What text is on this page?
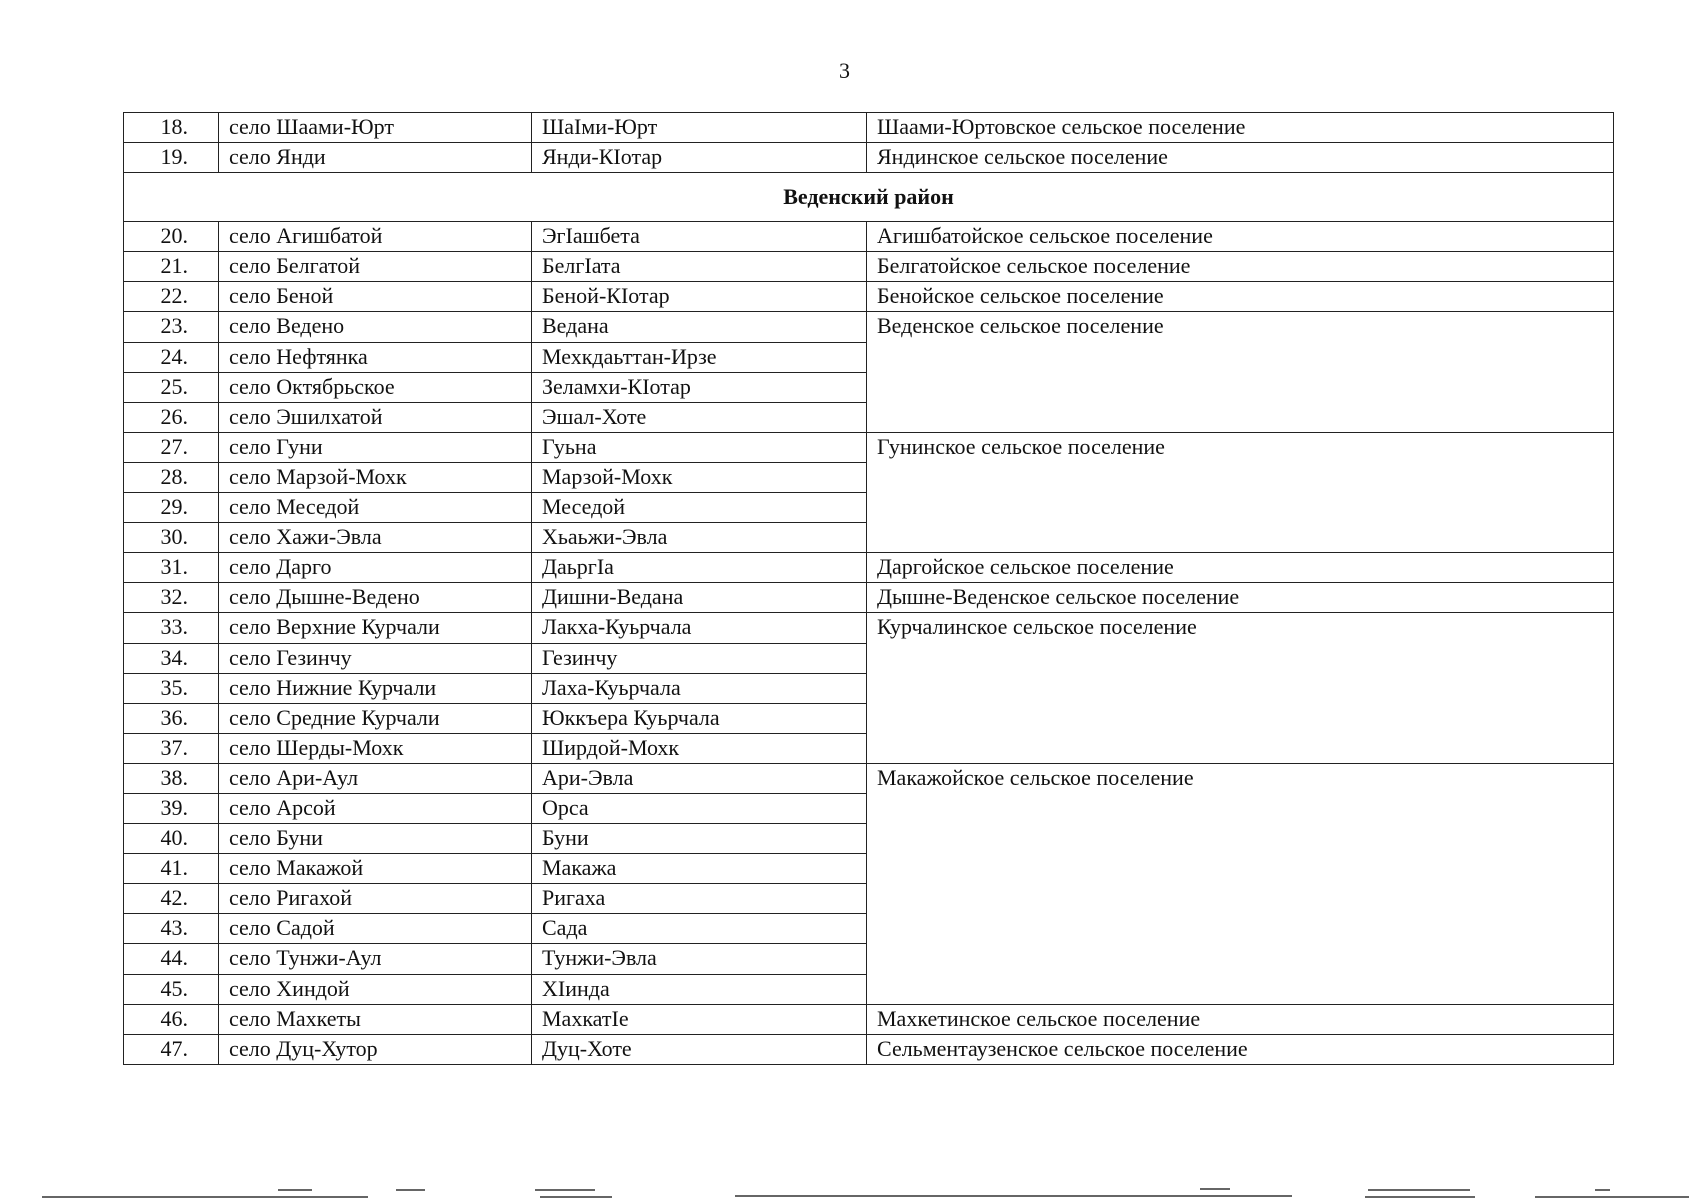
3
18.	село Шаами-Юрт	ШаIми-Юрт	Шаами-Юртовское сельское поселение
19.	село Янди	Янди-КIотар	Яндинское сельское поселение
Веденский район			
20.	село Агишбатой	ЭгIашбета	Агишбатойское сельское поселение
21.	село Белгатой	БелгIата	Белгатойское сельское поселение
22.	село Беной	Беной-КIотар	Бенойское сельское поселение
23.	село Ведено	Ведана	Веденское сельское поселение
24.	село Нефтянка	Мехкдаьттан-Ирзе	
25.	село Октябрьское	Зеламхи-КIотар	
26.	село Эшилхатой	Эшал-Хоте	
27.	село Гуни	Гуьна	Гунинское сельское поселение
28.	село Марзой-Мохк	Марзой-Мохк	
29.	село Меседой	Меседой	
30.	село Хажи-Эвла	Хьаьжи-Эвла	
31.	село Дарго	ДаьргIа	Даргойское сельское поселение
32.	село Дышне-Ведено	Дишни-Ведана	Дышне-Веденское сельское поселение
33.	село Верхние Курчали	Лакха-Куьрчала	Курчалинское сельское поселение
34.	село Гезинчу	Гезинчу	
35.	село Нижние Курчали	Лаха-Куьрчала	
36.	село Средние Курчали	Юккъера Куьрчала	
37.	село Шерды-Мохк	Ширдой-Мохк	
38.	село Ари-Аул	Ари-Эвла	Макажойское сельское поселение
39.	село Арсой	Орса	
40.	село Буни	Буни	
41.	село Макажой	Макажа	
42.	село Ригахой	Ригаха	
43.	село Садой	Сада	
44.	село Тунжи-Аул	Тунжи-Эвла	
45.	село Хиндой	ХIинда	
46.	село Махкеты	МахкатIе	Махкетинское сельское поселение
47.	село Дуц-Хутор	Дуц-Хоте	Сельментаузенское сельское поселение
